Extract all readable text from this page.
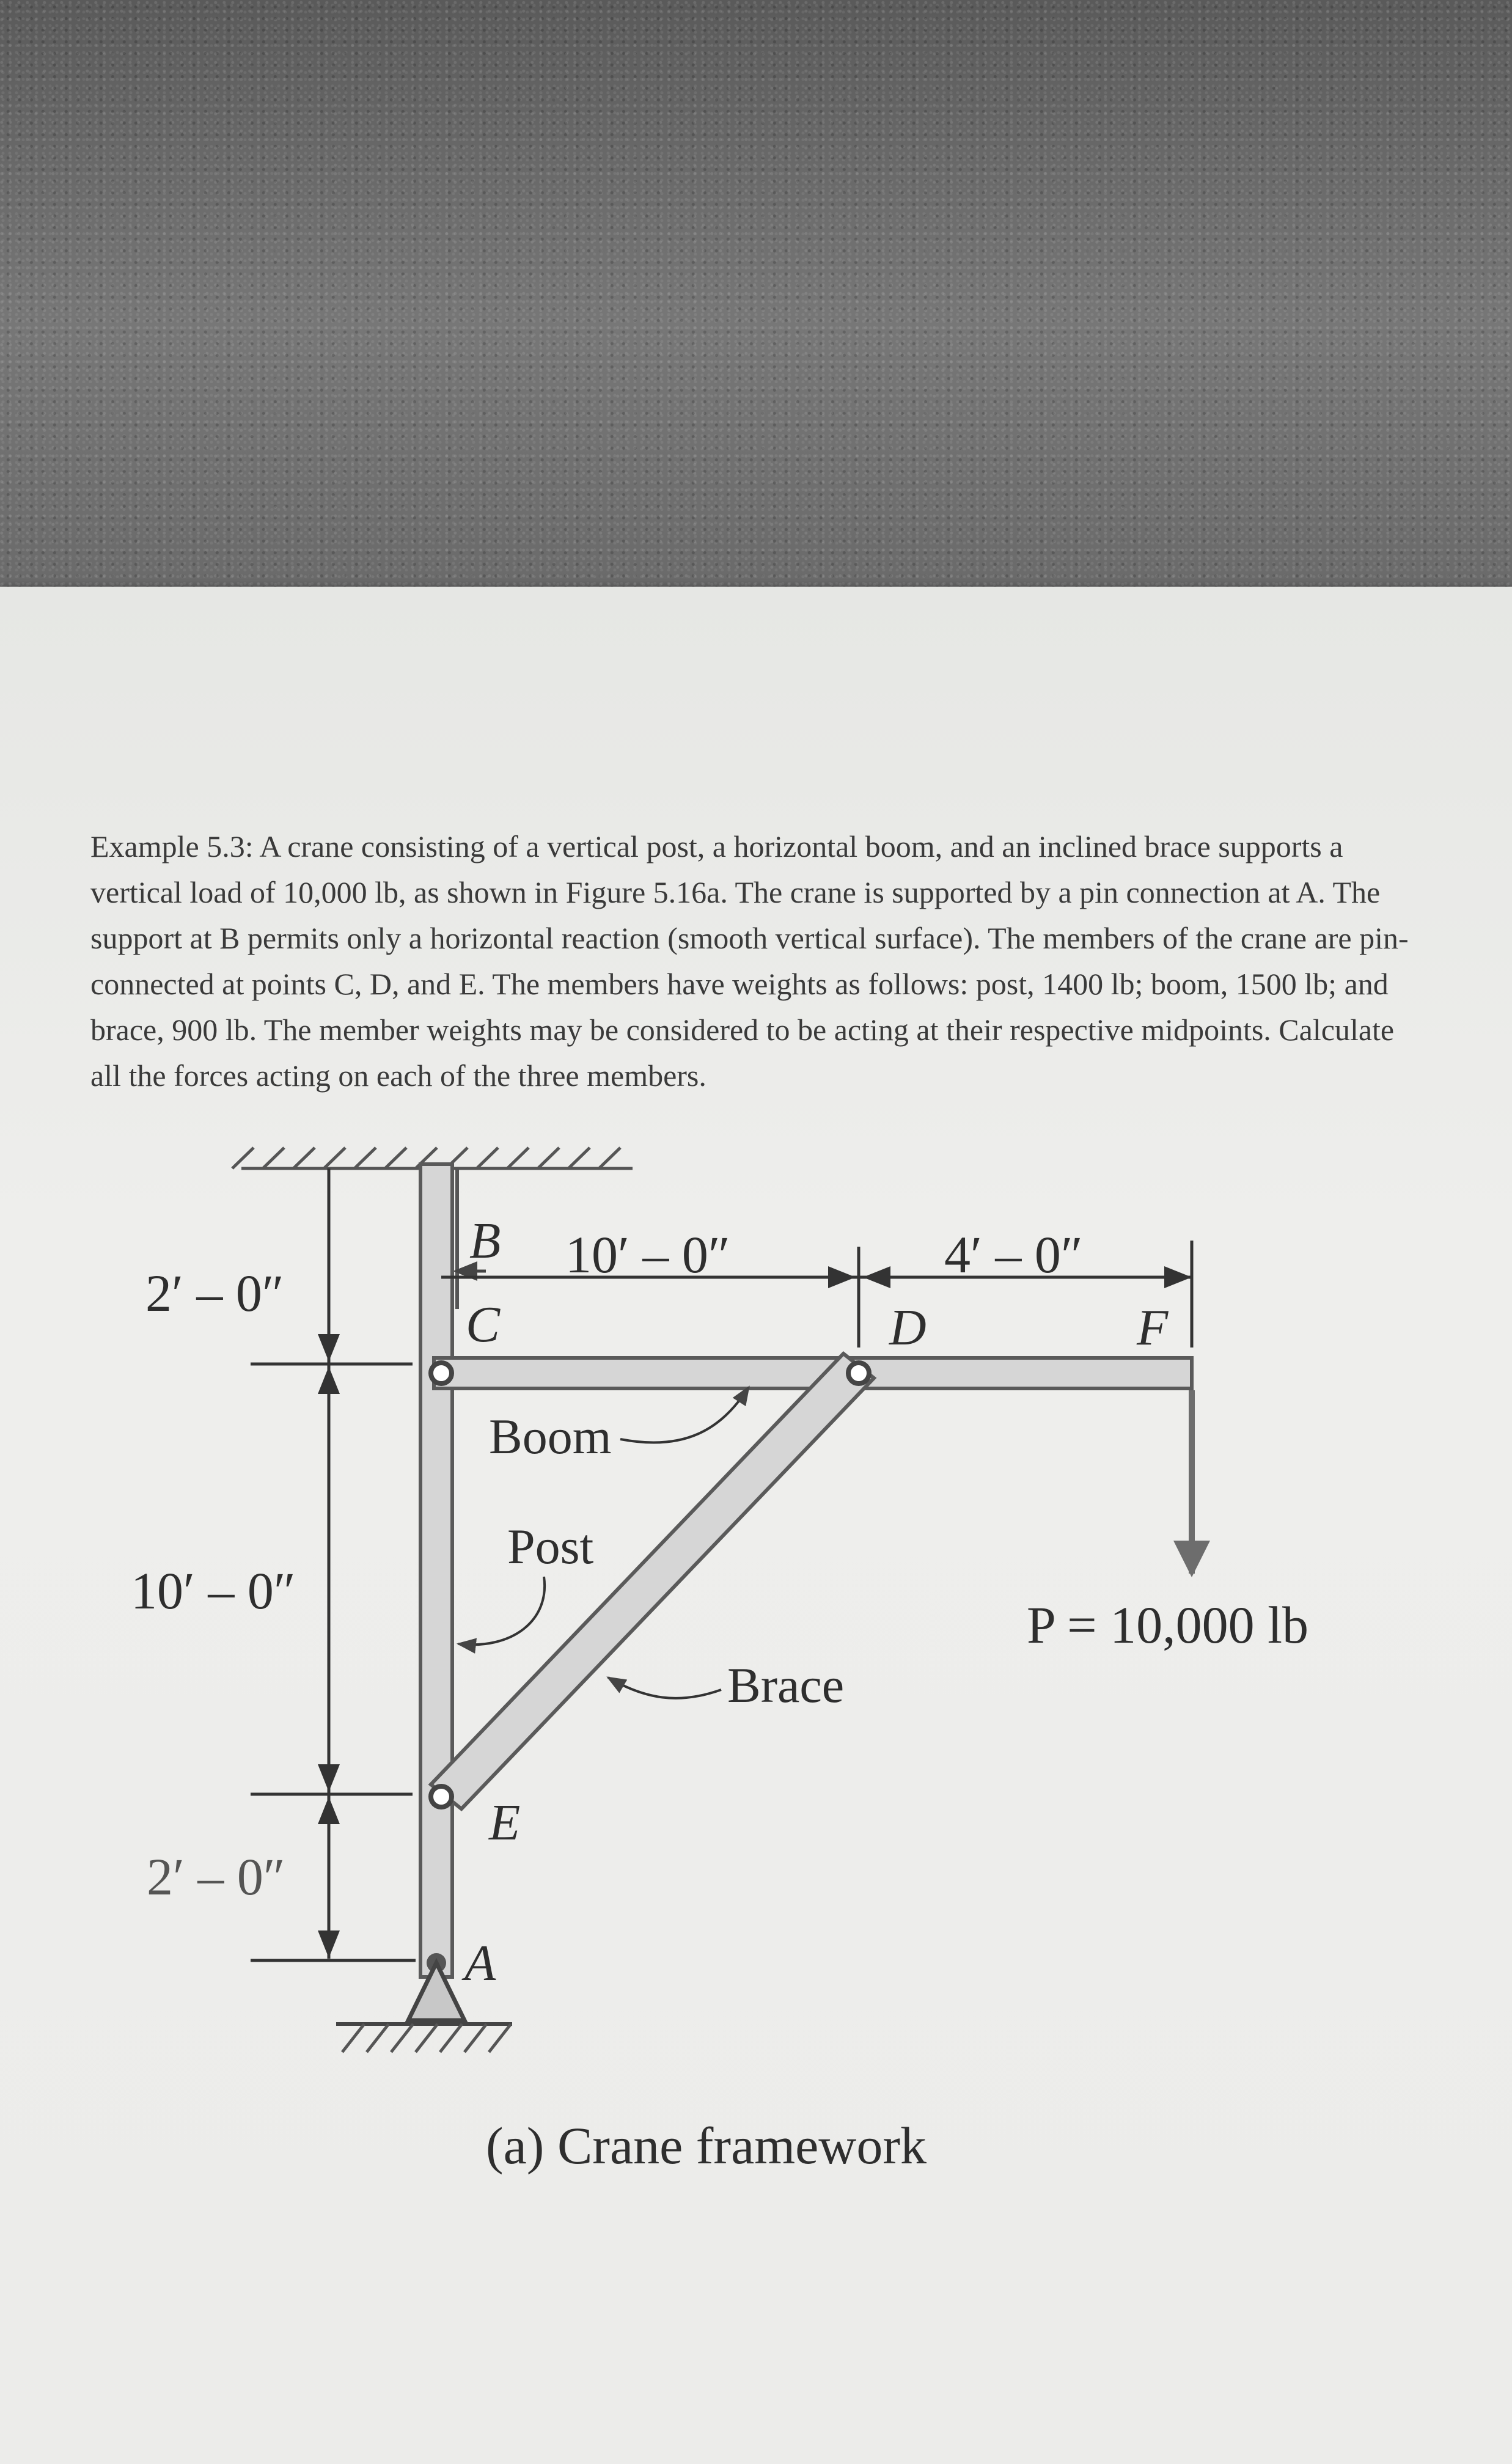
Example 5.3: A crane consisting of a vertical post, a horizontal boom, and an inclined brace supports a vertical load of 10,000 lb, as shown in Figure 5.16a. The crane is supported by a pin connection at A. The support at B permits only a horizontal reaction (smooth vertical surface). The members of the crane are pin-connected at points C, D, and E. The members have weights as follows: post, 1400 lb; boom, 1500 lb; and brace, 900 lb. The member weights may be considered to be acting at their respective midpoints. Calculate all the forces acting on each of the three members.
2′ – 0″
10′ – 0″
2′ – 0″
10′ – 0″	4′ – 0″
B
C	D	F
E
A
Boom
Post
Brace
P = 10,000 lb
(a) Crane framework
